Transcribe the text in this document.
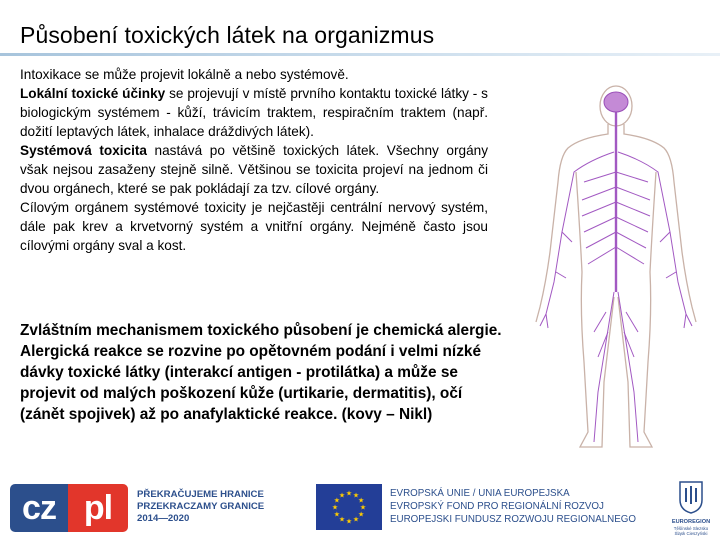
Působení toxických látek na organizmus

Intoxikace se může projevit lokálně a nebo systémově.

Lokální toxické účinky se projevují v místě prvního kontaktu toxické látky - s biologickým systémem - kůží, trávicím traktem, respiračním traktem (např. dožití leptavých látek, inhalace dráždivých látek).

Systémová toxicita nastává po většině toxických látek. Všechny orgány však nejsou zasaženy stejně silně. Většinou se toxicita projeví na jednom či dvou orgánech, které se pak pokládají za tzv. cílové orgány.

Cílovým orgánem systémové toxicity je nejčastěji centrální nervový systém, dále pak krev a krvetvorný systém a vnitřní orgány. Nejméně často jsou cílovými orgány sval a kost.

Zvláštním mechanismem toxického působení je chemická alergie. Alergická reakce se rozvine po opětovném podání i velmi nízké dávky toxické látky (interakcí antigen - protilátka) a může se projevit od malých poškození kůže (urtikarie, dermatitis), očí (zánět spojivek) až po anafylaktické reakce. (kovy – Nikl)
cz pl	PŘEKRAČUJEME HRANICE
PRZEKRACZAMY GRANICE
2014—2020
★ ★
★
★
★
★
★
★
★
★
★
★	EVROPSKÁ UNIE / UNIA EUROPEJSKA
EVROPSKÝ FOND PRO REGIONÁLNÍ ROZVOJ
EUROPEJSKI FUNDUSZ ROZWOJU REGIONALNEGO	EUROREGION
Těšínské Slezsko
Śląsk Cieszyński
